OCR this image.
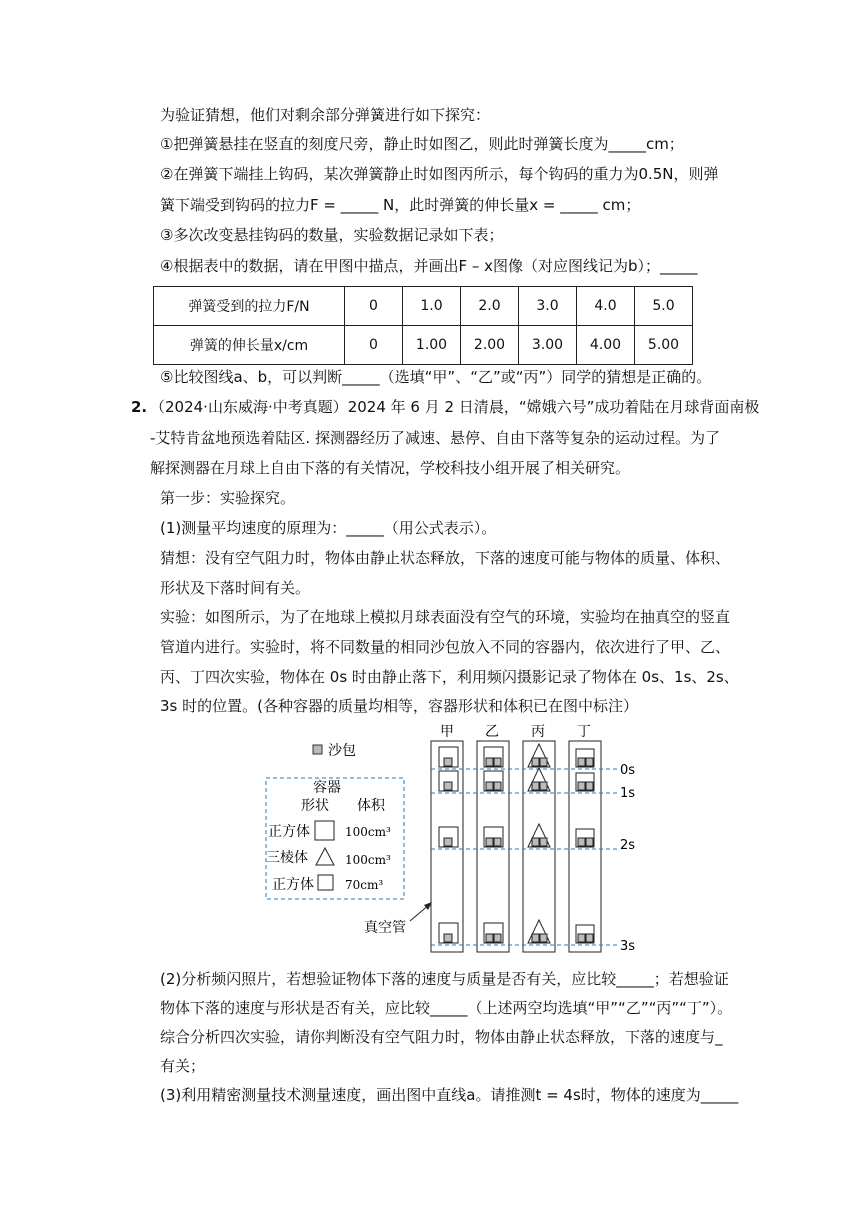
为验证猜想，他们对剩余部分弹簧进行如下探究：
①把弹簧悬挂在竖直的刻度尺旁，静止时如图乙，则此时弹簧长度为_____cm；
②在弹簧下端挂上钩码，某次弹簧静止时如图丙所示，每个钩码的重力为0.5N，则弹
簧下端受到钩码的拉力F = _____ N，此时弹簧的伸长量x = _____ cm；
③多次改变悬挂钩码的数量，实验数据记录如下表；
④根据表中的数据，请在甲图中描点，并画出F – x图像（对应图线记为b）；_____
弹簧受到的拉力F/N	0	1.0	2.0	3.0	4.0	5.0
弹簧的伸长量x/cm	0	1.00	2.00	3.00	4.00	5.00
⑤比较图线a、b，可以判断_____（选填“甲”、“乙”或“丙”）同学的猜想是正确的。
2. （2024·山东威海·中考真题）2024 年 6 月 2 日清晨，“嫦娥六号”成功着陆在月球背面南极
-艾特肯盆地预选着陆区. 探测器经历了减速、悬停、自由下落等复杂的运动过程。为了
解探测器在月球上自由下落的有关情况，学校科技小组开展了相关研究。
第一步：实验探究。
(1)测量平均速度的原理为：_____（用公式表示）。
猜想：没有空气阻力时，物体由静止状态释放，下落的速度可能与物体的质量、体积、
形状及下落时间有关。
实验：如图所示，为了在地球上模拟月球表面没有空气的环境，实验均在抽真空的竖直
管道内进行。实验时，将不同数量的相同沙包放入不同的容器内，依次进行了甲、乙、
丙、丁四次实验，物体在 0s 时由静止落下，利用频闪摄影记录了物体在 0s、1s、2s、
3s 时的位置。(各种容器的质量均相等，容器形状和体积已在图中标注）
沙包
容器
形状 体积
正方体	100cm³
三棱体	100cm³
正方体	70cm³
甲 乙 丙 丁
0s
1s
2s
3s
真空管
(2)分析频闪照片，若想验证物体下落的速度与质量是否有关，应比较_____；若想验证
物体下落的速度与形状是否有关，应比较_____（上述两空均选填“甲”“乙”“丙”“丁”）。
综合分析四次实验，请你判断没有空气阻力时，物体由静止状态释放，下落的速度与_
有关；
(3)利用精密测量技术测量速度，画出图中直线a。请推测t = 4s时，物体的速度为_____
